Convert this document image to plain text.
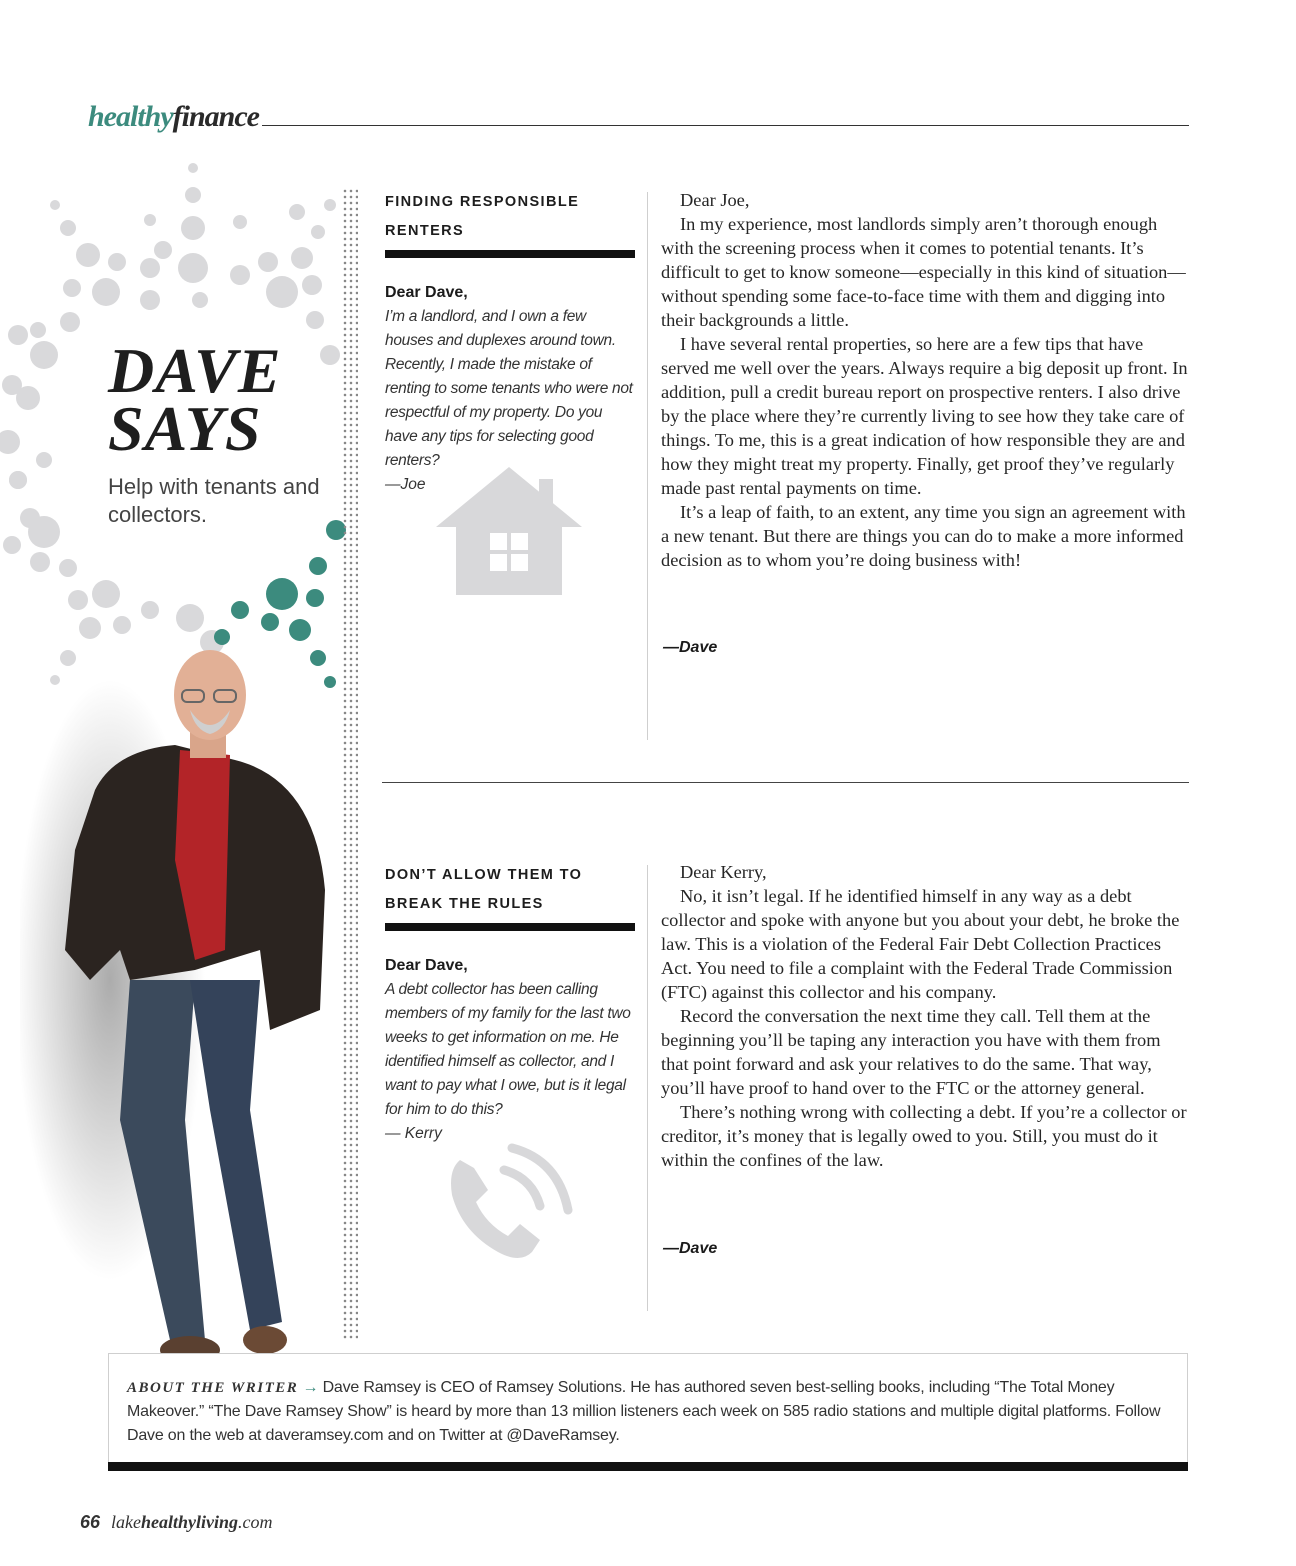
healthyfinance
DAVE
SAYS
Help with tenants and collectors.
FINDING RESPONSIBLE RENTERS
Dear Dave,
I’m a landlord, and I own a few houses and duplexes around town. Recently, I made the mistake of renting to some tenants who were not respectful of my property. Do you have any tips for selecting good renters?
—Joe

Dear Joe,

In my experience, most landlords simply aren’t thorough enough with the screening process when it comes to potential tenants. It’s difficult to get to know someone—especially in this kind of situation—without spending some face-to-face time with them and digging into their backgrounds a little.

I have several rental properties, so here are a few tips that have served me well over the years. Always require a big deposit up front. In addition, pull a credit bureau report on prospective renters. I also drive by the place where they’re currently living to see how they take care of things. To me, this is a great indication of how responsible they are and how they might treat my property. Finally, get proof they’ve regularly made past rental payments on time.

It’s a leap of faith, to an extent, any time you sign an agreement with a new tenant. But there are things you can do to make a more informed decision as to whom you’re doing business with!

—Dave
DON’T ALLOW THEM TO BREAK THE RULES
Dear Dave,
A debt collector has been calling members of my family for the last two weeks to get information on me. He identified himself as collector, and I want to pay what I owe, but is it legal for him to do this?
— Kerry

Dear Kerry,

No, it isn’t legal. If he identified himself in any way as a debt collector and spoke with anyone but you about your debt, he broke the law. This is a violation of the Federal Fair Debt Collection Practices Act. You need to file a complaint with the Federal Trade Commission (FTC) against this collector and his company.

Record the conversation the next time they call. Tell them at the beginning you’ll be taping any interaction you have with them from that point forward and ask your relatives to do the same. That way, you’ll have proof to hand over to the FTC or the attorney general.

There’s nothing wrong with collecting a debt. If you’re a collector or creditor, it’s money that is legally owed to you. Still, you must do it within the confines of the law.

—Dave
ABOUT THE WRITER → Dave Ramsey is CEO of Ramsey Solutions. He has authored seven best-selling books, including “The Total Money Makeover.” “The Dave Ramsey Show” is heard by more than 13 million listeners each week on 585 radio stations and multiple digital platforms. Follow Dave on the web at daveramsey.com and on Twitter at @DaveRamsey.
66 lakehealthyliving.com
